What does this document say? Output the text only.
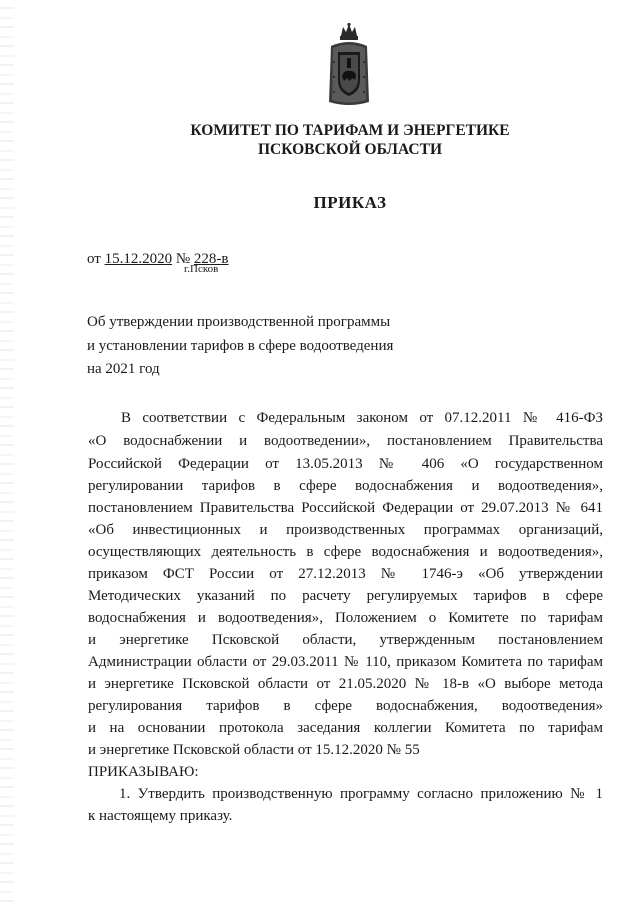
КОМИТЕТ ПО ТАРИФАМ И ЭНЕРГЕТИКЕ
ПСКОВСКОЙ ОБЛАСТИ
ПРИКАЗ
от 15.12.2020 № 228-в
г.Псков
Об утверждении производственной программы
и установлении тарифов в сфере водоотведения
на 2021 год
В соответствии с Федеральным законом от 07.12.2011 № 416-ФЗ
«О водоснабжении и водоотведении», постановлением Правительства
Российской Федерации от 13.05.2013 № 406 «О государственном
регулировании тарифов в сфере водоснабжения и водоотведения»,
постановлением Правительства Российской Федерации от 29.07.2013 № 641
«Об инвестиционных и производственных программах организаций,
осуществляющих деятельность в сфере водоснабжения и водоотведения»,
приказом ФСТ России от 27.12.2013 № 1746-э «Об утверждении
Методических указаний по расчету регулируемых тарифов в сфере
водоснабжения и водоотведения», Положением о Комитете по тарифам
и энергетике Псковской области, утвержденным постановлением
Администрации области от 29.03.2011 № 110, приказом Комитета по тарифам
и энергетике Псковской области от 21.05.2020 № 18-в «О выборе метода
регулирования тарифов в сфере водоснабжения, водоотведения»
и на основании протокола заседания коллегии Комитета по тарифам
и энергетике Псковской области от 15.12.2020 № 55
ПРИКАЗЫВАЮ:
1. Утвердить производственную программу согласно приложению № 1
к настоящему приказу.
